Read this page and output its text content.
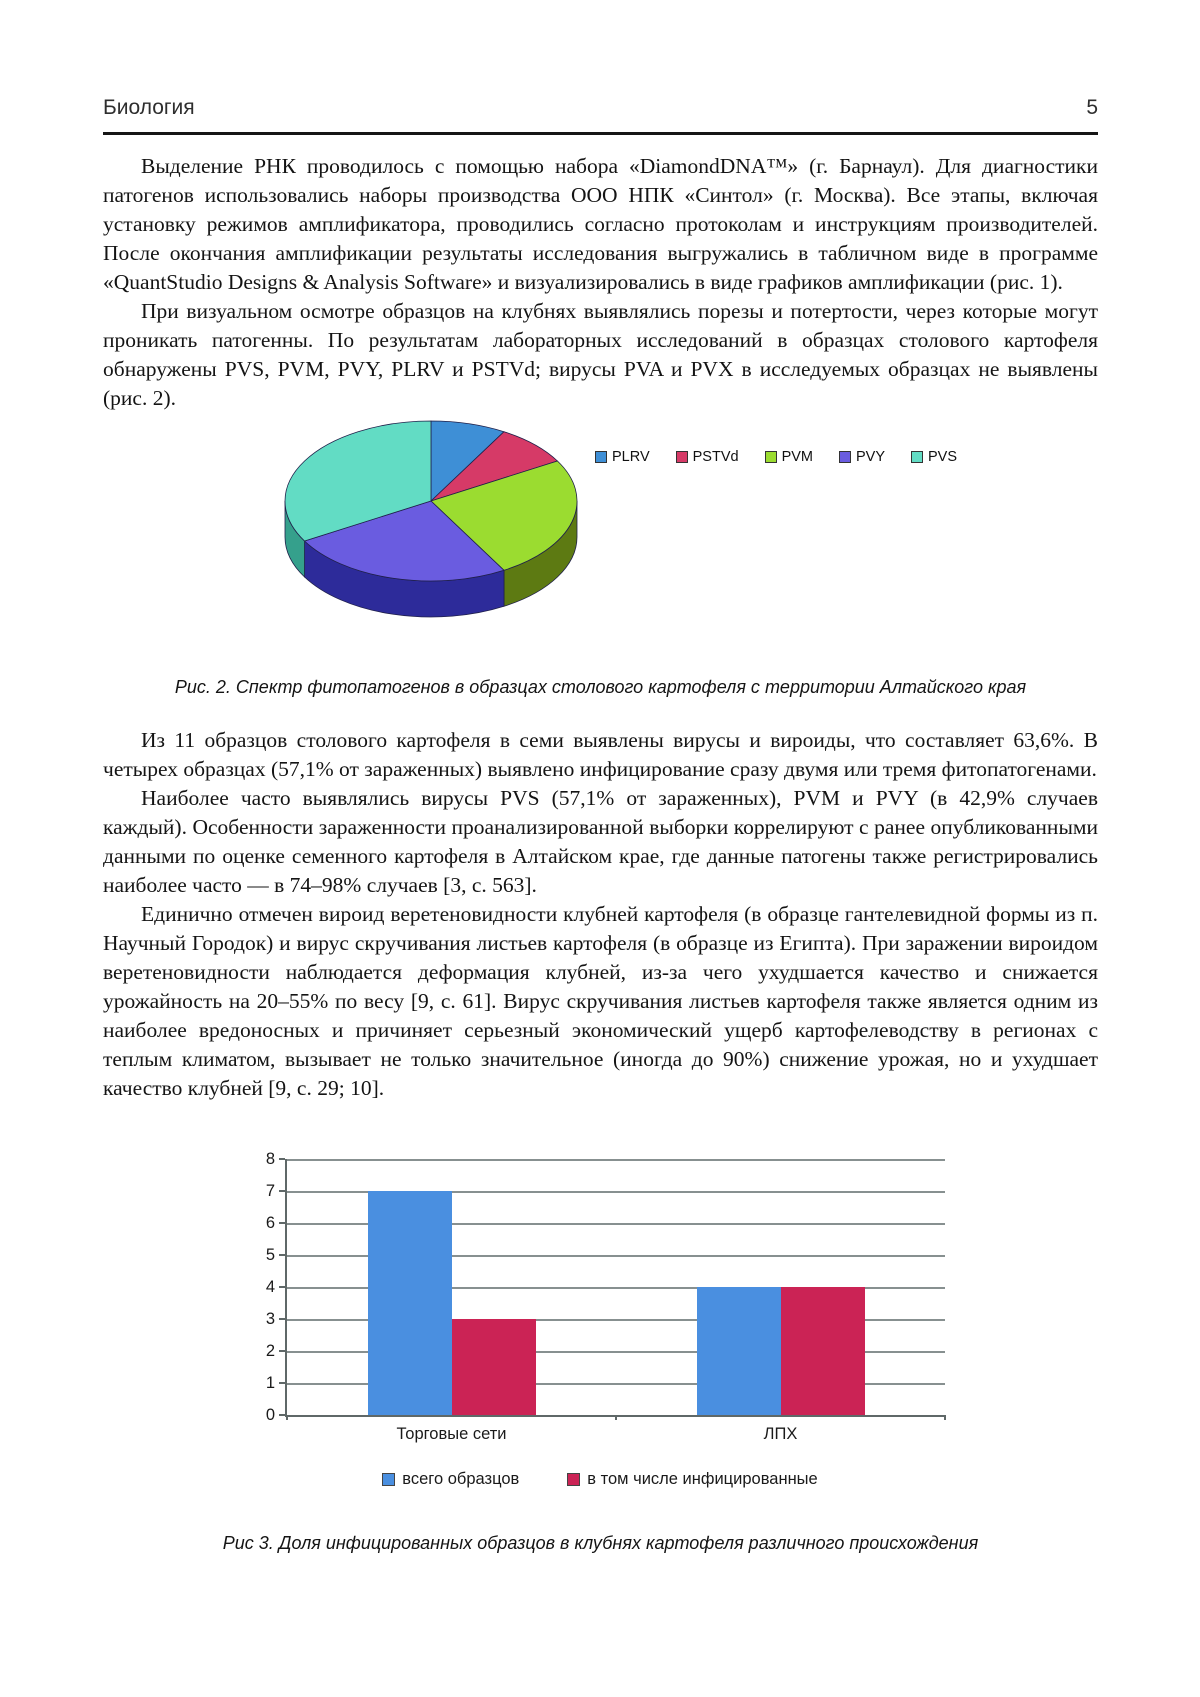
Биология	5

Выделение РНК проводилось с помощью набора «DiamondDNA™» (г. Барнаул). Для диагностики патогенов использовались наборы производства ООО НПК «Синтол» (г. Москва). Все этапы, включая установку режимов амплификатора, проводились согласно протоколам и инструкциям производителей. После окончания амплификации результаты исследования выгружались в табличном виде в программе «QuantStudio Designs & Analysis Software» и визуализировались в виде графиков амплификации (рис. 1).

При визуальном осмотре образцов на клубнях выявлялись порезы и потертости, через которые могут проникать патогенны. По результатам лабораторных исследований в образцах столового картофеля обнаружены PVS, PVM, PVY, PLRV и PSTVd; вирусы PVA и PVX в исследуемых образцах не выявлены (рис. 2).

PLRV	PSTVd	PVM	PVY	PVS
Рис. 2. Спектр фитопатогенов в образцах столового картофеля с территории Алтайского края

Из 11 образцов столового картофеля в семи выявлены вирусы и вироиды, что составляет 63,6%. В четырех образцах (57,1% от зараженных) выявлено инфицирование сразу двумя или тремя фитопатогенами.

Наиболее часто выявлялись вирусы PVS (57,1% от зараженных), PVM и PVY (в 42,9% случаев каждый). Особенности зараженности проанализированной выборки коррелируют с ранее опубликованными данными по оценке семенного картофеля в Алтайском крае, где данные патогены также регистрировались наиболее часто — в 74–98% случаев [3, с. 563].

Единично отмечен вироид веретеновидности клубней картофеля (в образце гантелевидной формы из п. Научный Городок) и вирус скручивания листьев картофеля (в образце из Египта). При заражении вироидом веретеновидности наблюдается деформация клубней, из-за чего ухудшается качество и снижается урожайность на 20–55% по весу [9, с. 61]. Вирус скручивания листьев картофеля также является одним из наиболее вредоносных и причиняет серьезный экономический ущерб картофелеводству в регионах с теплым климатом, вызывает не только значительное (иногда до 90%) снижение урожая, но и ухудшает качество клубней [9, с. 29; 10].

8
7
6
5
4
3
2
1
0
Торговые сети	ЛПХ
всего образцов	в том числе инфицированные
Рис 3. Доля инфицированных образцов в клубнях картофеля различного происхождения
